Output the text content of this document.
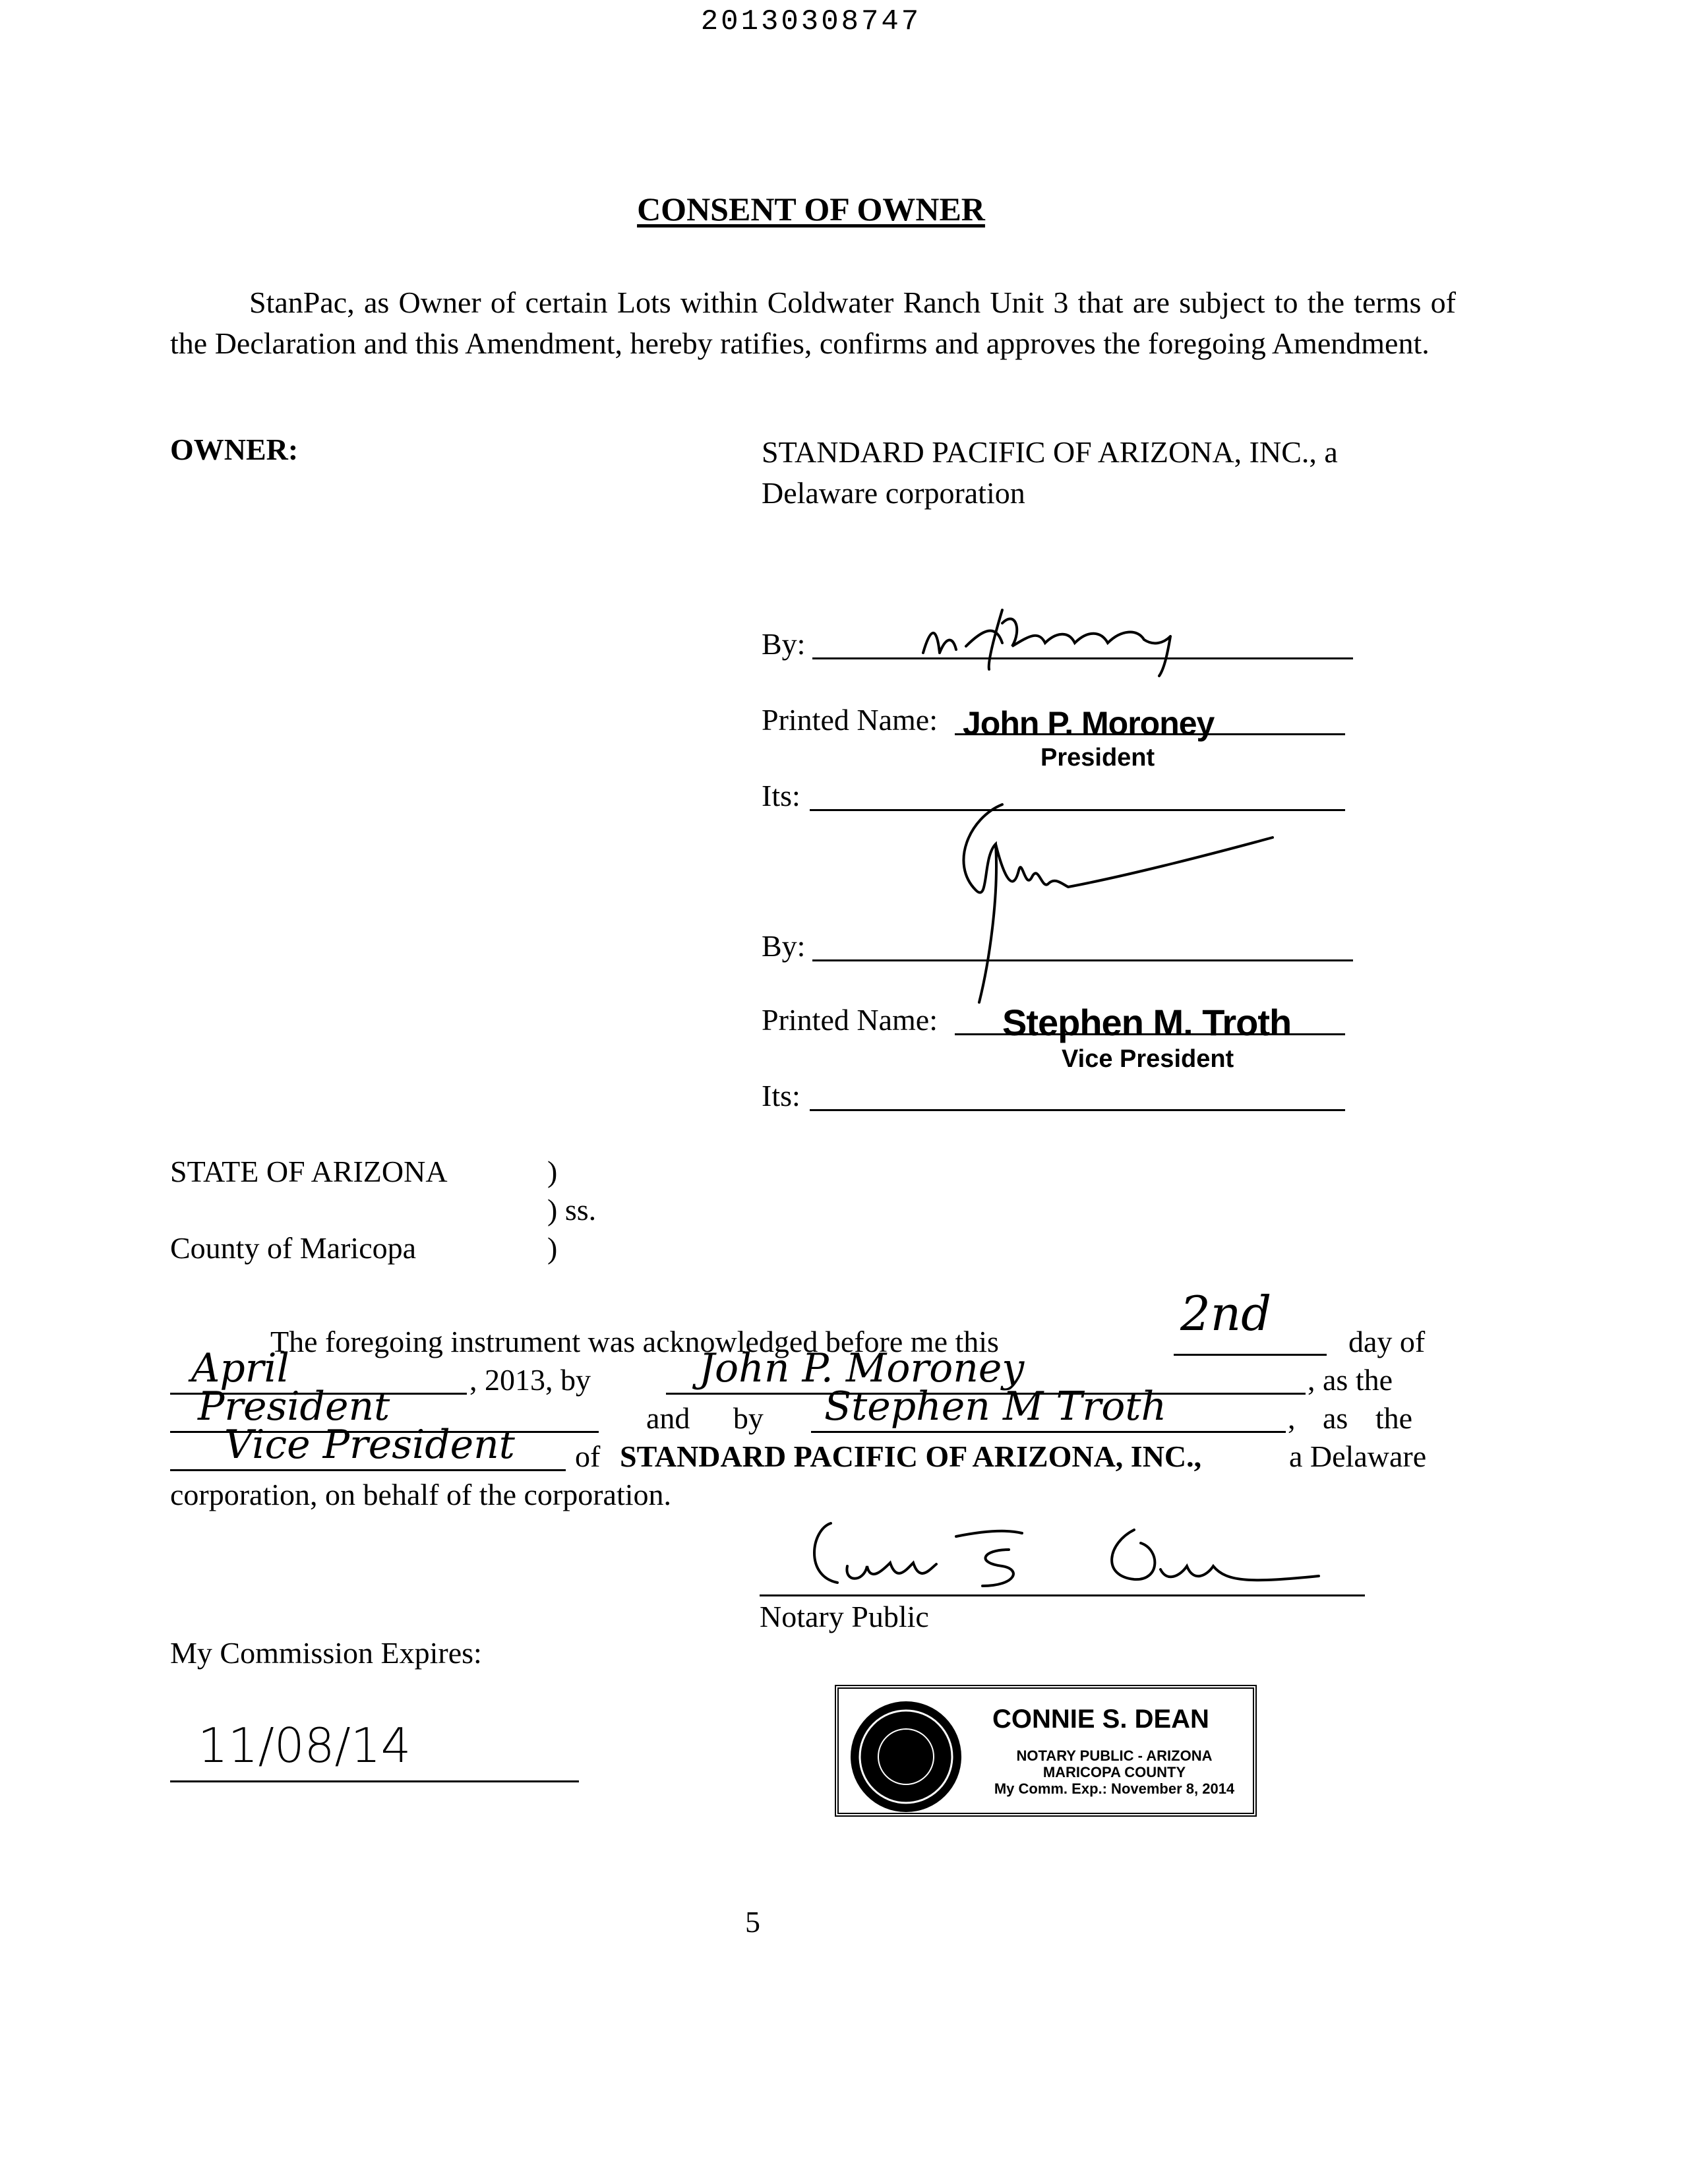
20130308747
CONSENT OF OWNER
StanPac, as Owner of certain Lots within Coldwater Ranch Unit 3 that are subject to the terms of the Declaration and this Amendment, hereby ratifies, confirms and approves the foregoing Amendment.
OWNER:	STANDARD PACIFIC OF ARIZONA, INC., a
Delaware corporation
By:
Printed Name: John P. Moroney
President
Its:
By:
Printed Name: Stephen M. Troth
Vice President
Its:
STATE OF ARIZONA	)
) ss.
County of Maricopa	)
The foregoing instrument was acknowledged before me this
2nd
day of
April	, 2013, by	John P. Moroney	, as the
President	and by Stephen M Troth	, as the
Vice President of STANDARD PACIFIC OF ARIZONA, INC.,	a Delaware
corporation, on behalf of the corporation.
Notary Public
My Commission Expires:
11/08/14	CONNIE S. DEAN
NOTARY PUBLIC - ARIZONA
MARICOPA COUNTY
My Comm. Exp.: November 8, 2014
5
